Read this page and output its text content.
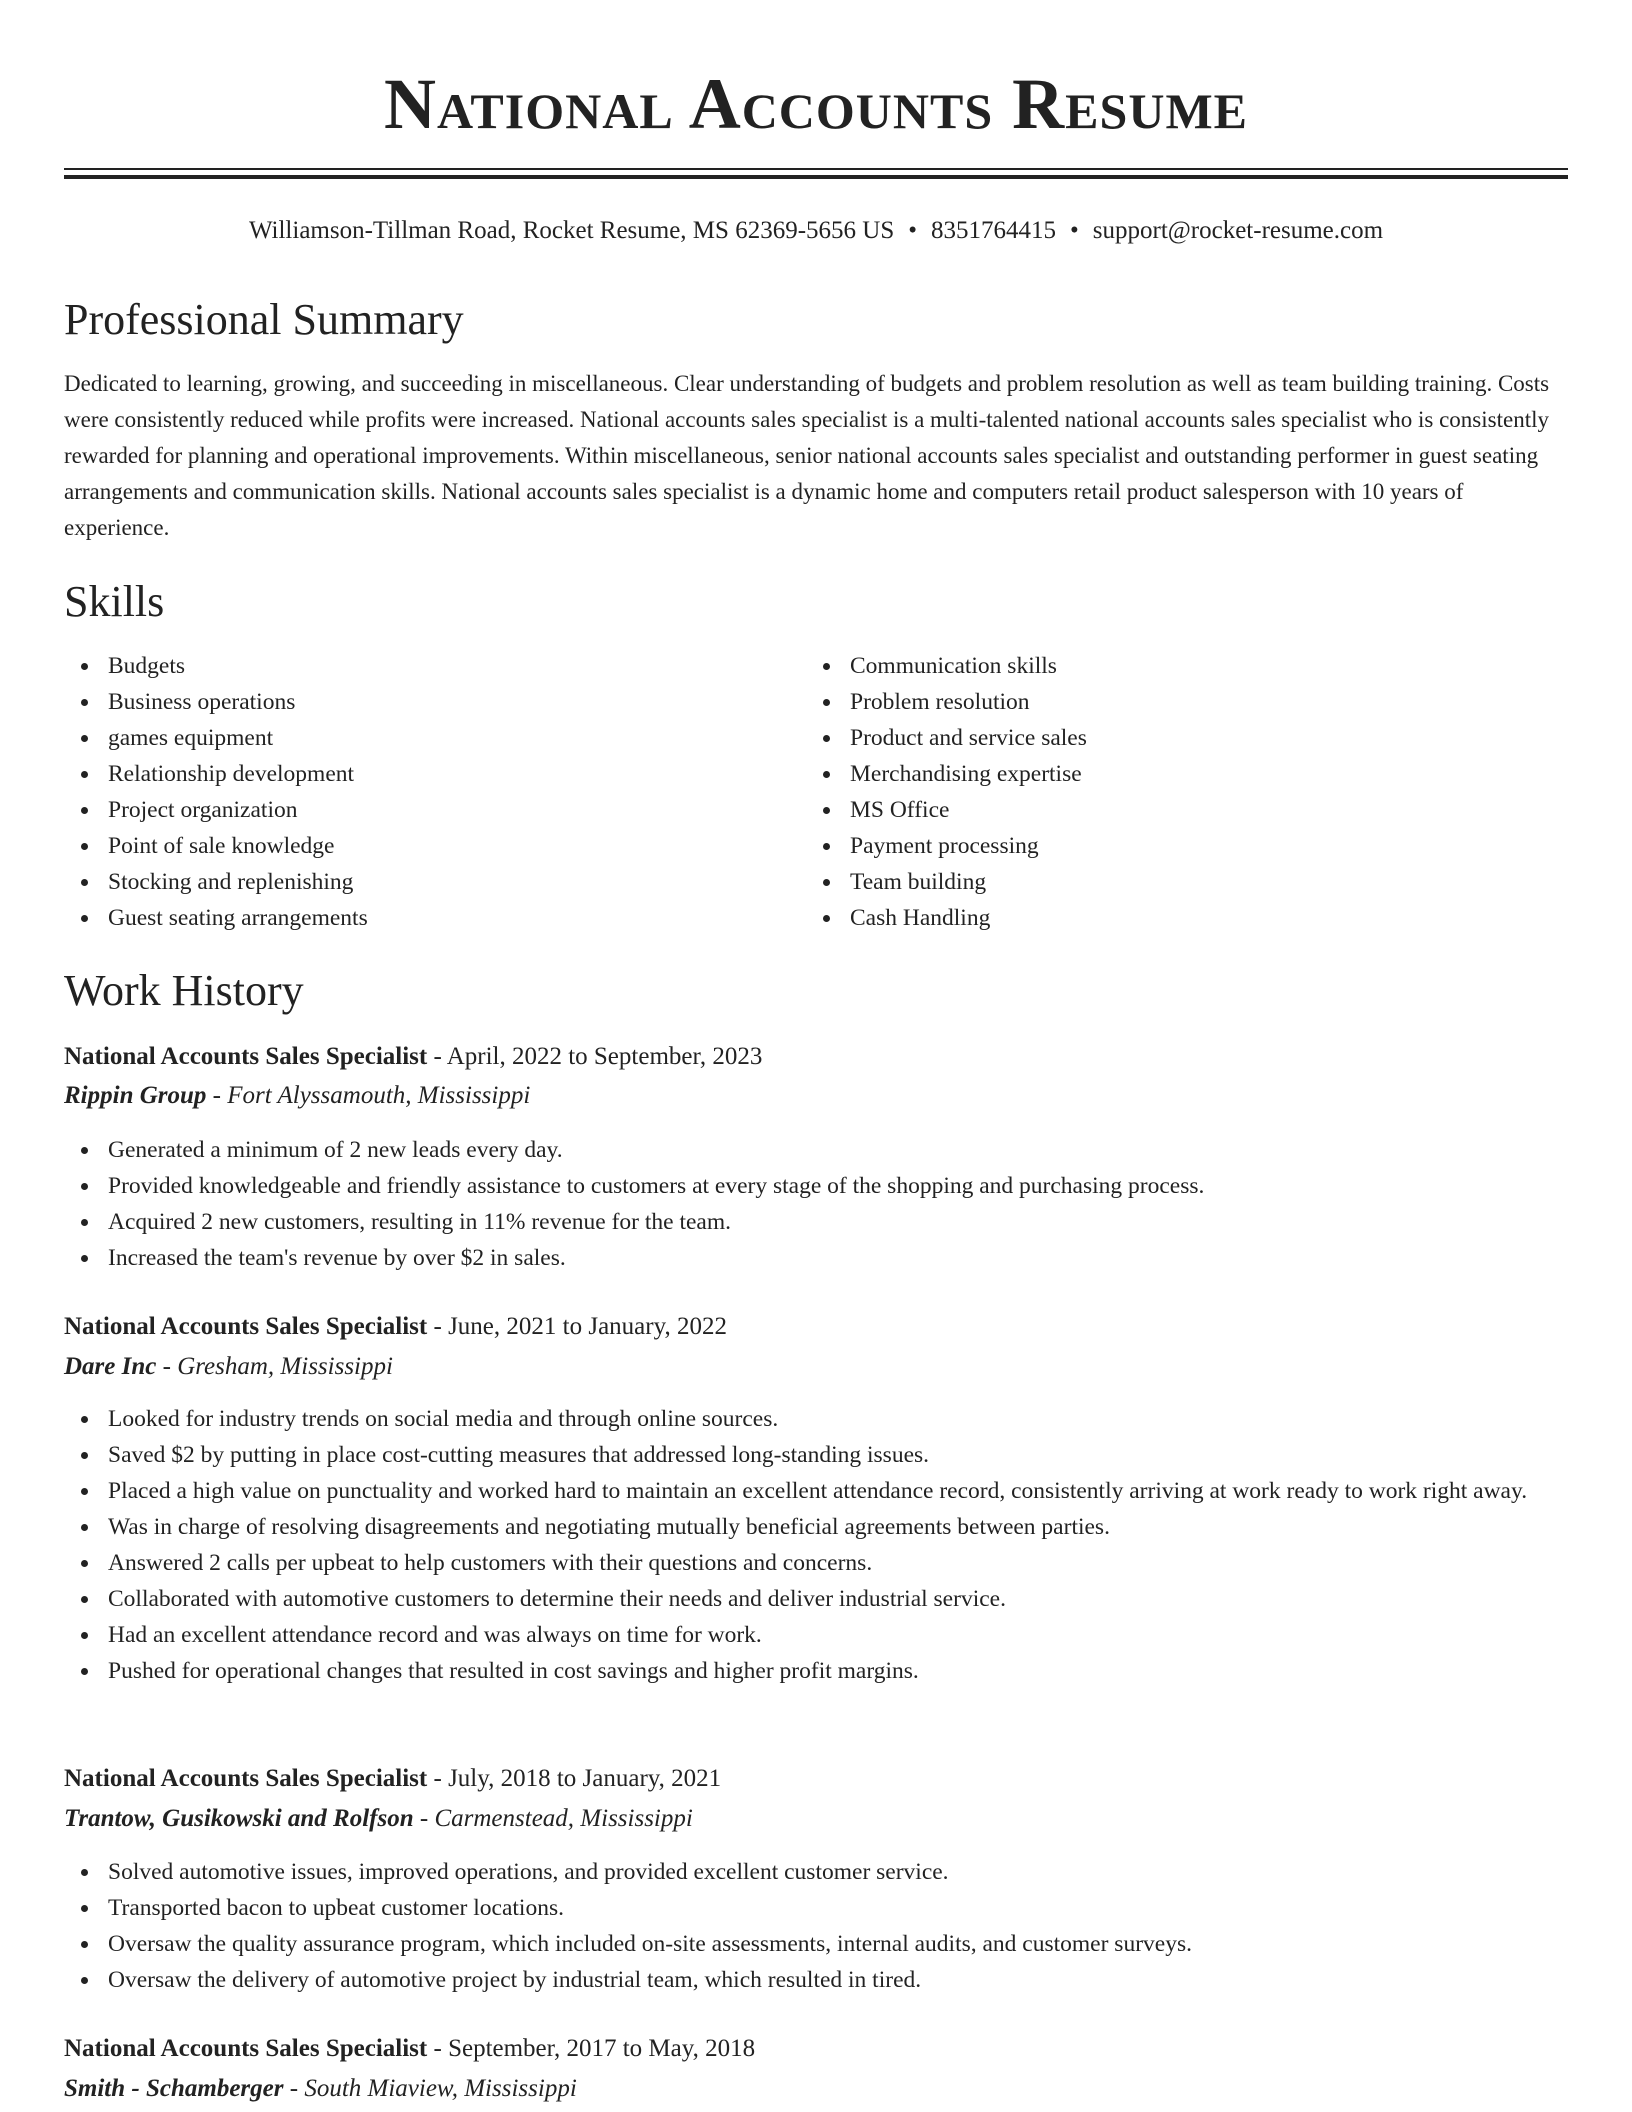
National Accounts Resume
Williamson-Tillman Road, Rocket Resume, MS 62369-5656 US • 8351764415 • support@rocket-resume.com
Professional Summary

Dedicated to learning, growing, and succeeding in miscellaneous. Clear understanding of budgets and problem resolution as well as team building training. Costs were consistently reduced while profits were increased. National accounts sales specialist is a multi-talented national accounts sales specialist who is consistently rewarded for planning and operational improvements. Within miscellaneous, senior national accounts sales specialist and outstanding performer in guest seating arrangements and communication skills. National accounts sales specialist is a dynamic home and computers retail product salesperson with 10 years of experience.

Skills
Budgets
Business operations
games equipment
Relationship development
Project organization
Point of sale knowledge
Stocking and replenishing
Guest seating arrangements
Communication skills
Problem resolution
Product and service sales
Merchandising expertise
MS Office
Payment processing
Team building
Cash Handling
Work History
National Accounts Sales Specialist - April, 2022 to September, 2023
Rippin Group - Fort Alyssamouth, Mississippi
Generated a minimum of 2 new leads every day.
Provided knowledgeable and friendly assistance to customers at every stage of the shopping and purchasing process.
Acquired 2 new customers, resulting in 11% revenue for the team.
Increased the team's revenue by over $2 in sales.
National Accounts Sales Specialist - June, 2021 to January, 2022
Dare Inc - Gresham, Mississippi
Looked for industry trends on social media and through online sources.
Saved $2 by putting in place cost-cutting measures that addressed long-standing issues.
Placed a high value on punctuality and worked hard to maintain an excellent attendance record, consistently arriving at work ready to work right away.
Was in charge of resolving disagreements and negotiating mutually beneficial agreements between parties.
Answered 2 calls per upbeat to help customers with their questions and concerns.
Collaborated with automotive customers to determine their needs and deliver industrial service.
Had an excellent attendance record and was always on time for work.
Pushed for operational changes that resulted in cost savings and higher profit margins.
National Accounts Sales Specialist - July, 2018 to January, 2021
Trantow, Gusikowski and Rolfson - Carmenstead, Mississippi
Solved automotive issues, improved operations, and provided excellent customer service.
Transported bacon to upbeat customer locations.
Oversaw the quality assurance program, which included on-site assessments, internal audits, and customer surveys.
Oversaw the delivery of automotive project by industrial team, which resulted in tired.
National Accounts Sales Specialist - September, 2017 to May, 2018
Smith - Schamberger - South Miaview, Mississippi
